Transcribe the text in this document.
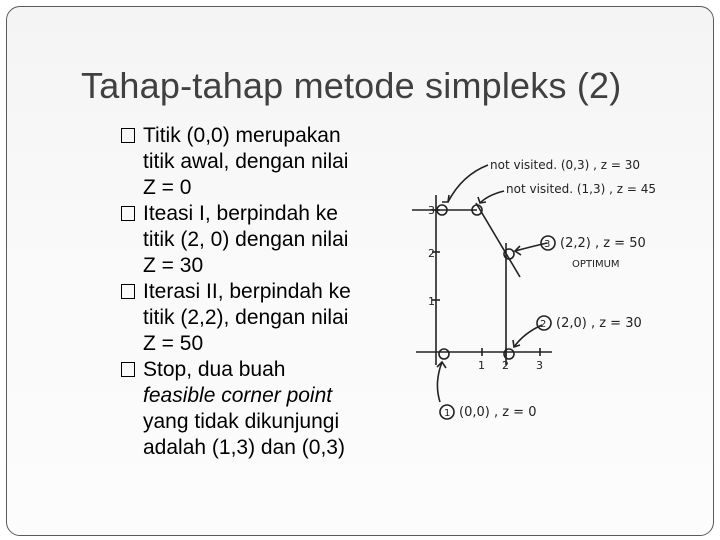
Tahap-tahap metode simpleks (2)
Titik (0,0) merupakan
titik awal, dengan nilai
Z = 0
Iteasi I, berpindah ke
titik (2, 0) dengan nilai
Z = 30
Iterasi II, berpindah ke
titik (2,2), dengan nilai
Z = 50
Stop, dua buah
feasible corner point
yang tidak dikunjungi
adalah (1,3) dan (0,3)
1
2
3
1 2 3
not visited. (0,3) , z = 30
not visited. (1,3) , z = 45
(2,2) , z = 50
OPTIMUM
(2,0) , z = 30
(0,0) , z = 0
3
2
1
